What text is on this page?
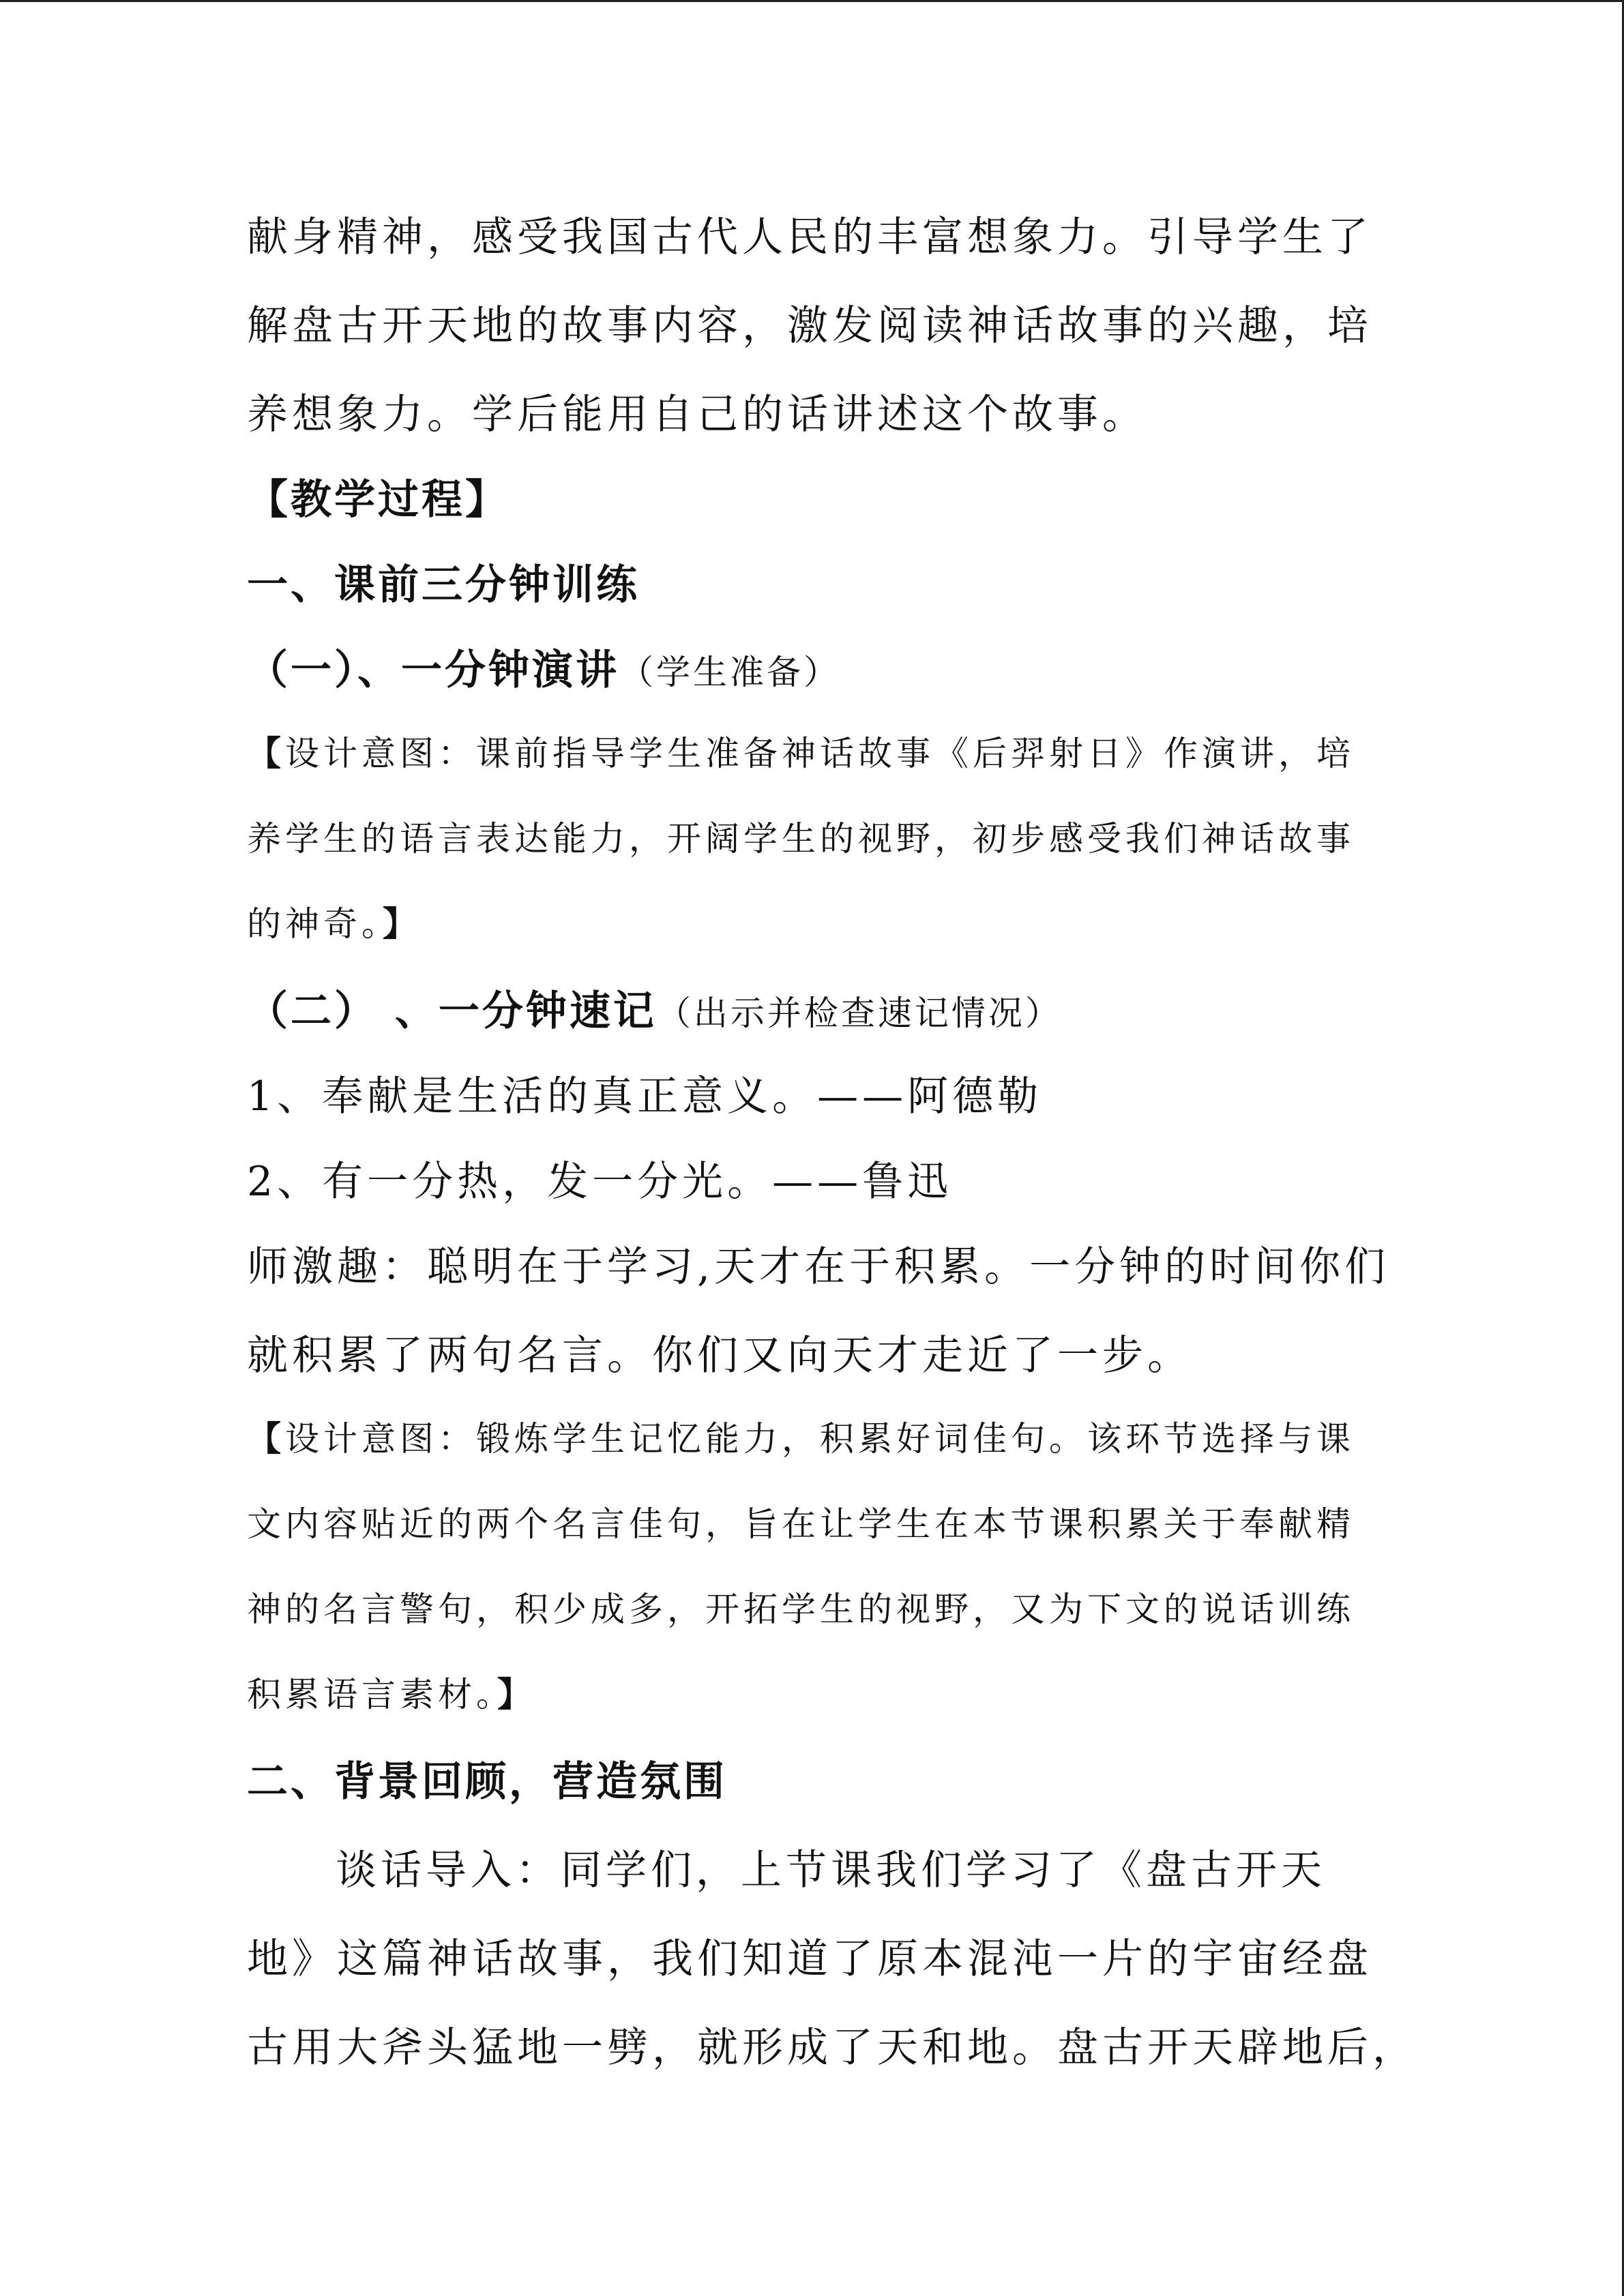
献身精神，感受我国古代人民的丰富想象力。引导学生了
解盘古开天地的故事内容，激发阅读神话故事的兴趣，培
养想象力。学后能用自己的话讲述这个故事。
【教学过程】
一、课前三分钟训练
（一）、一分钟演讲（学生准备）
【设计意图：课前指导学生准备神话故事《后羿射日》作演讲，培
养学生的语言表达能力，开阔学生的视野，初步感受我们神话故事
的神奇。】
（二） 、一分钟速记（出示并检查速记情况）
1、奉献是生活的真正意义。——阿德勒
2、有一分热，发一分光。——鲁迅
师激趣：聪明在于学习,天才在于积累。一分钟的时间你们
就积累了两句名言。你们又向天才走近了一步。
【设计意图：锻炼学生记忆能力，积累好词佳句。该环节选择与课
文内容贴近的两个名言佳句，旨在让学生在本节课积累关于奉献精
神的名言警句，积少成多，开拓学生的视野，又为下文的说话训练
积累语言素材。】
二、背景回顾，营造氛围
谈话导入：同学们，上节课我们学习了《盘古开天
地》这篇神话故事，我们知道了原本混沌一片的宇宙经盘
古用大斧头猛地一劈，就形成了天和地。盘古开天辟地后，
